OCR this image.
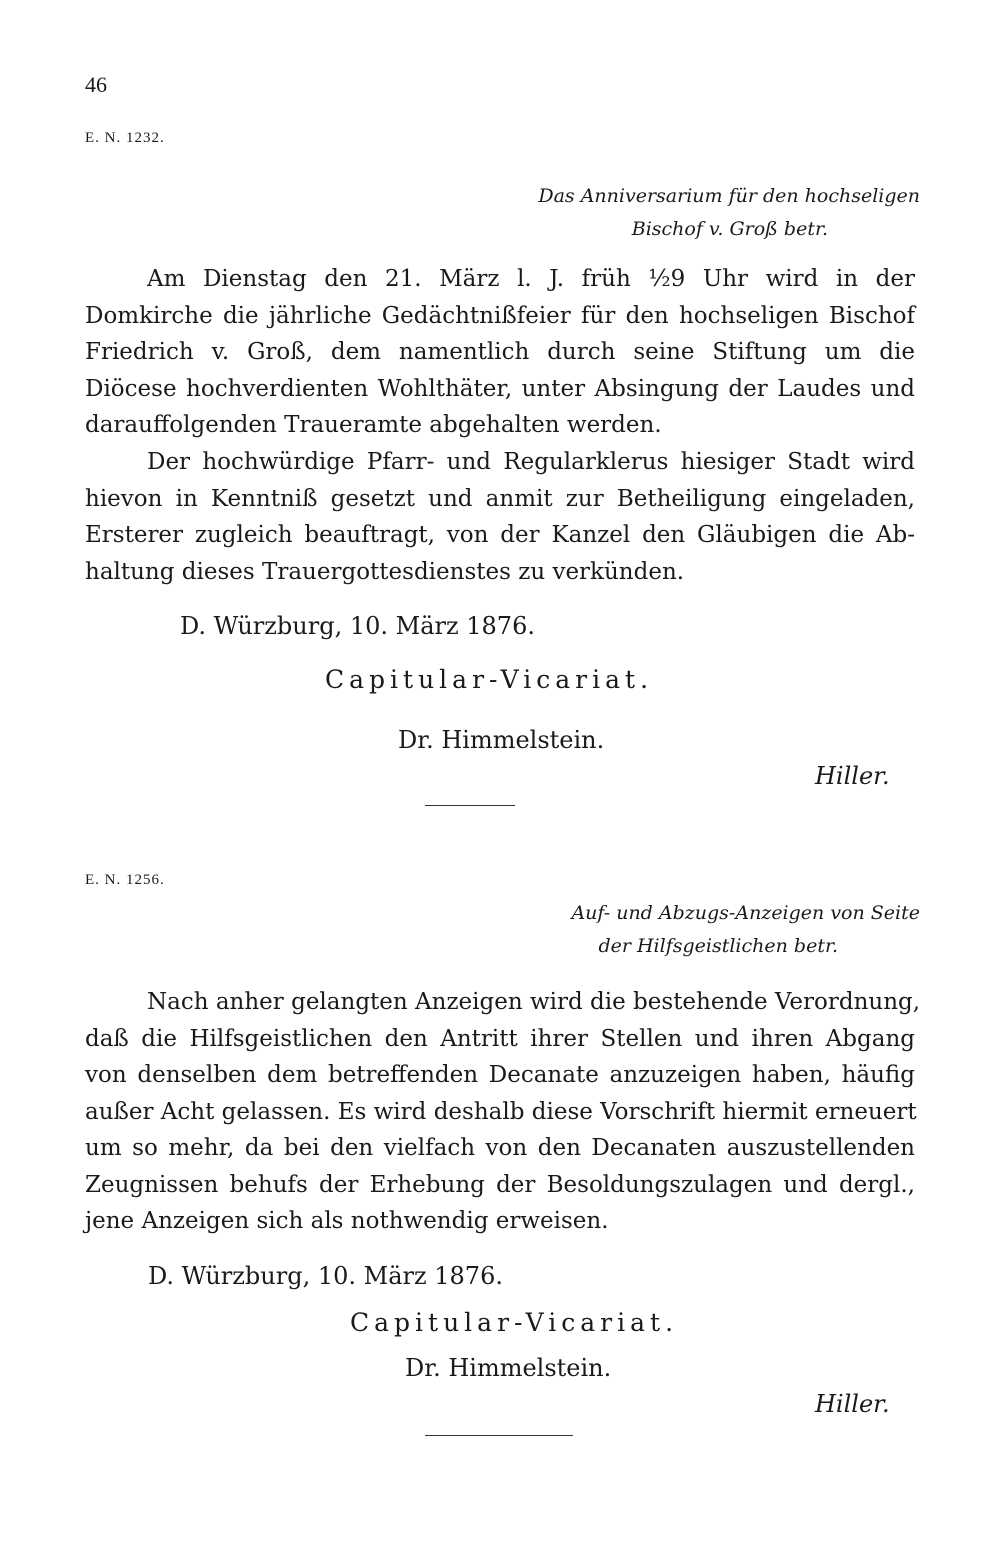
46
E. N. 1232.
Das Anniversarium für den hochseligen
Bischof v. Groß betr.
Am Dienstag den 21. März l. J. früh ½9 Uhr wird in der
Domkirche die jährliche Gedächtnißfeier für den hochseligen Bischof
Friedrich v. Groß, dem namentlich durch seine Stiftung um die
Diöcese hochverdienten Wohlthäter, unter Absingung der Laudes und
darauffolgenden Traueramte abgehalten werden.
Der hochwürdige Pfarr- und Regularklerus hiesiger Stadt wird
hievon in Kenntniß gesetzt und anmit zur Betheiligung eingeladen,
Ersterer zugleich beauftragt, von der Kanzel den Gläubigen die Ab-
haltung dieses Trauergottesdienstes zu verkünden.
D. Würzburg, 10. März 1876.
Capitular-Vicariat.
Dr. Himmelstein.
Hiller.
E. N. 1256.
Auf- und Abzugs-Anzeigen von Seite
der Hilfsgeistlichen betr.
Nach anher gelangten Anzeigen wird die bestehende Verordnung,
daß die Hilfsgeistlichen den Antritt ihrer Stellen und ihren Abgang
von denselben dem betreffenden Decanate anzuzeigen haben, häufig
außer Acht gelassen. Es wird deshalb diese Vorschrift hiermit erneuert
um so mehr, da bei den vielfach von den Decanaten auszustellenden
Zeugnissen behufs der Erhebung der Besoldungszulagen und dergl.,
jene Anzeigen sich als nothwendig erweisen.
D. Würzburg, 10. März 1876.
Capitular-Vicariat.
Dr. Himmelstein.
Hiller.
